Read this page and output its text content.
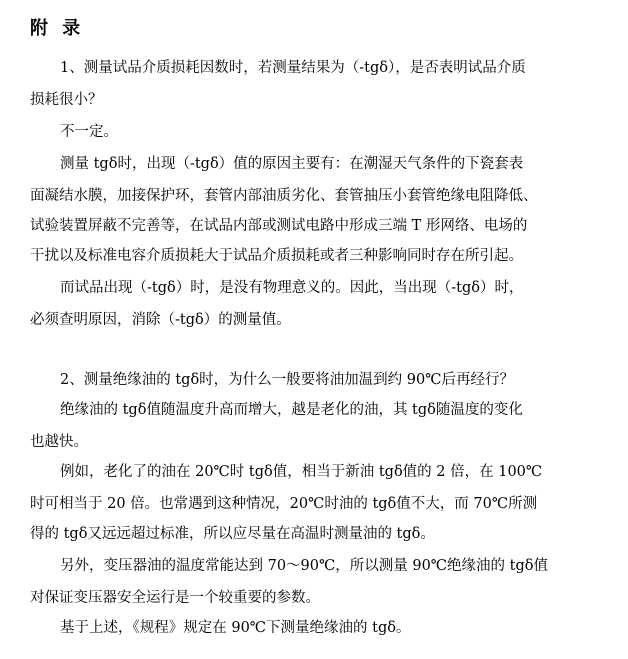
附 录
1、测量试品介质损耗因数时，若测量结果为（-tgδ），是否表明试品介质
损耗很小？
不一定。
测量 tgδ时，出现（-tgδ）值的原因主要有：在潮湿天气条件的下瓷套表
面凝结水膜，加接保护环，套管内部油质劣化、套管抽压小套管绝缘电阻降低、
试验装置屏蔽不完善等，在试品内部或测试电路中形成三端 T 形网络、电场的
干扰以及标准电容介质损耗大于试品介质损耗或者三种影响同时存在所引起。
而试品出现（-tgδ）时，是没有物理意义的。因此，当出现（-tgδ）时，
必须查明原因，消除（-tgδ）的测量值。
2、测量绝缘油的 tgδ时，为什么一般要将油加温到约 90℃后再经行？
绝缘油的 tgδ值随温度升高而增大，越是老化的油，其 tgδ随温度的变化
也越快。
例如，老化了的油在 20℃时 tgδ值，相当于新油 tgδ值的 2 倍，在 100℃
时可相当于 20 倍。也常遇到这种情况，20℃时油的 tgδ值不大，而 70℃所测
得的 tgδ又远远超过标准，所以应尽量在高温时测量油的 tgδ。
另外，变压器油的温度常能达到 70～90℃，所以测量 90℃绝缘油的 tgδ值
对保证变压器安全运行是一个较重要的参数。
基于上述，《规程》规定在 90℃下测量绝缘油的 tgδ。
